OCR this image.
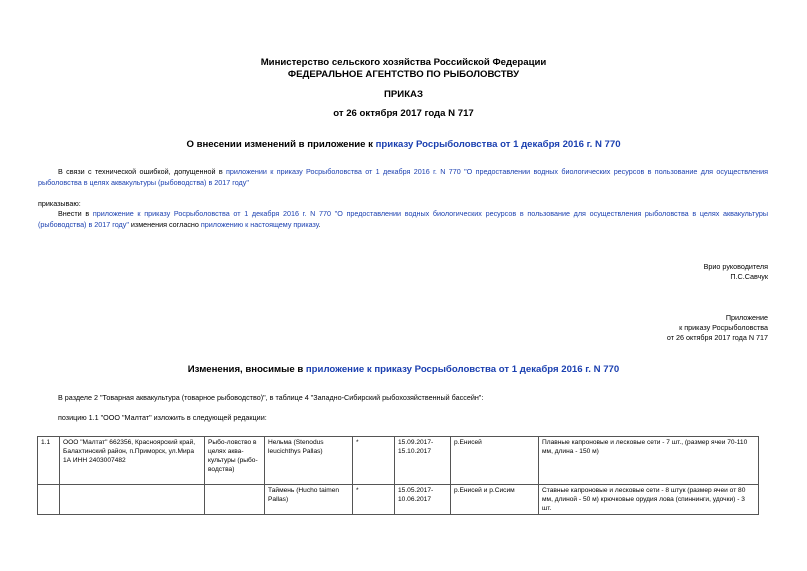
Министерство сельского хозяйства Российской Федерации
ФЕДЕРАЛЬНОЕ АГЕНТСТВО ПО РЫБОЛОВСТВУ
ПРИКАЗ
от 26 октября 2017 года N 717
О внесении изменений в приложение к приказу Росрыболовства от 1 декабря 2016 г. N 770
В связи с технической ошибкой, допущенной в приложении к приказу Росрыболовства от 1 декабря 2016 г. N 770 "О предоставлении водных биологических ресурсов в пользование для осуществления рыболовства в целях аквакультуры (рыбоводства) в 2017 году"
приказываю:
Внести в приложение к приказу Росрыболовства от 1 декабря 2016 г. N 770 "О предоставлении водных биологических ресурсов в пользование для осуществления рыболовства в целях аквакультуры (рыбоводства) в 2017 году" изменения согласно приложению к настоящему приказу.
Врио руководителя
П.С.Савчук
Приложение
к приказу Росрыболовства
от 26 октября 2017 года N 717
Изменения, вносимые в приложение к приказу Росрыболовства от 1 декабря 2016 г. N 770
В разделе 2 "Товарная аквакультура (товарное рыбоводство)", в таблице 4 "Западно-Сибирский рыбохозяйственный бассейн":
позицию 1.1 "ООО "Малтат" изложить в следующей редакции:
1.1	ООО "Малтат" 662356, Красноярский край, Балахтинский район, п.Приморск, ул.Мира 1А ИНН 2403007482	Рыбо-ловство в целях аква-культуры (рыбо-водства)	Нельма (Stenodus leucichthys Pallas)	*	15.09.2017-15.10.2017	р.Енисей	Плавные капроновые и лесковые сети - 7 шт., (размер ячеи 70-110 мм, длина - 150 м)
			Таймень (Hucho taimen Pallas)	*	15.05.2017-10.06.2017	р.Енисей и р.Сисим	Ставные капроновые и лесковые сети - 8 штук (размер ячеи от 80 мм, длиной - 50 м) крючковые орудия лова (спиннинги, удочки) - 3 шт.
